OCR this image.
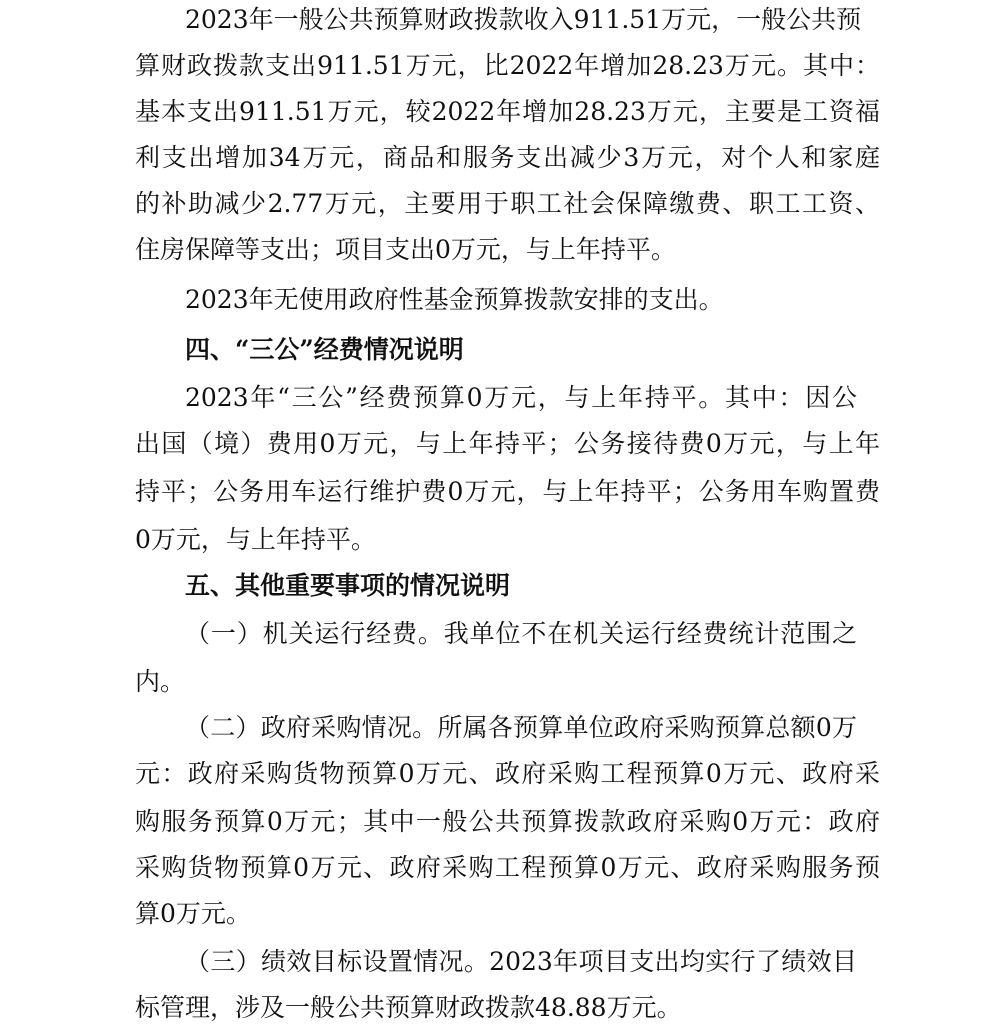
2023年一般公共预算财政拨款收入911.51万元，一般公共预
算财政拨款支出911.51万元，比2022年增加28.23万元。其中：
基本支出911.51万元，较2022年增加28.23万元，主要是工资福
利支出增加34万元，商品和服务支出减少3万元，对个人和家庭
的补助减少2.77万元，主要用于职工社会保障缴费、职工工资、
住房保障等支出；项目支出0万元，与上年持平。
2023年无使用政府性基金预算拨款安排的支出。
四、“三公”经费情况说明
2023年“三公”经费预算0万元，与上年持平。其中：因公
出国（境）费用0万元，与上年持平；公务接待费0万元，与上年
持平；公务用车运行维护费0万元，与上年持平；公务用车购置费
0万元，与上年持平。
五、其他重要事项的情况说明
（一）机关运行经费。我单位不在机关运行经费统计范围之
内。
（二）政府采购情况。所属各预算单位政府采购预算总额0万
元：政府采购货物预算0万元、政府采购工程预算0万元、政府采
购服务预算0万元；其中一般公共预算拨款政府采购0万元：政府
采购货物预算0万元、政府采购工程预算0万元、政府采购服务预
算0万元。
（三）绩效目标设置情况。2023年项目支出均实行了绩效目
标管理，涉及一般公共预算财政拨款48.88万元。
